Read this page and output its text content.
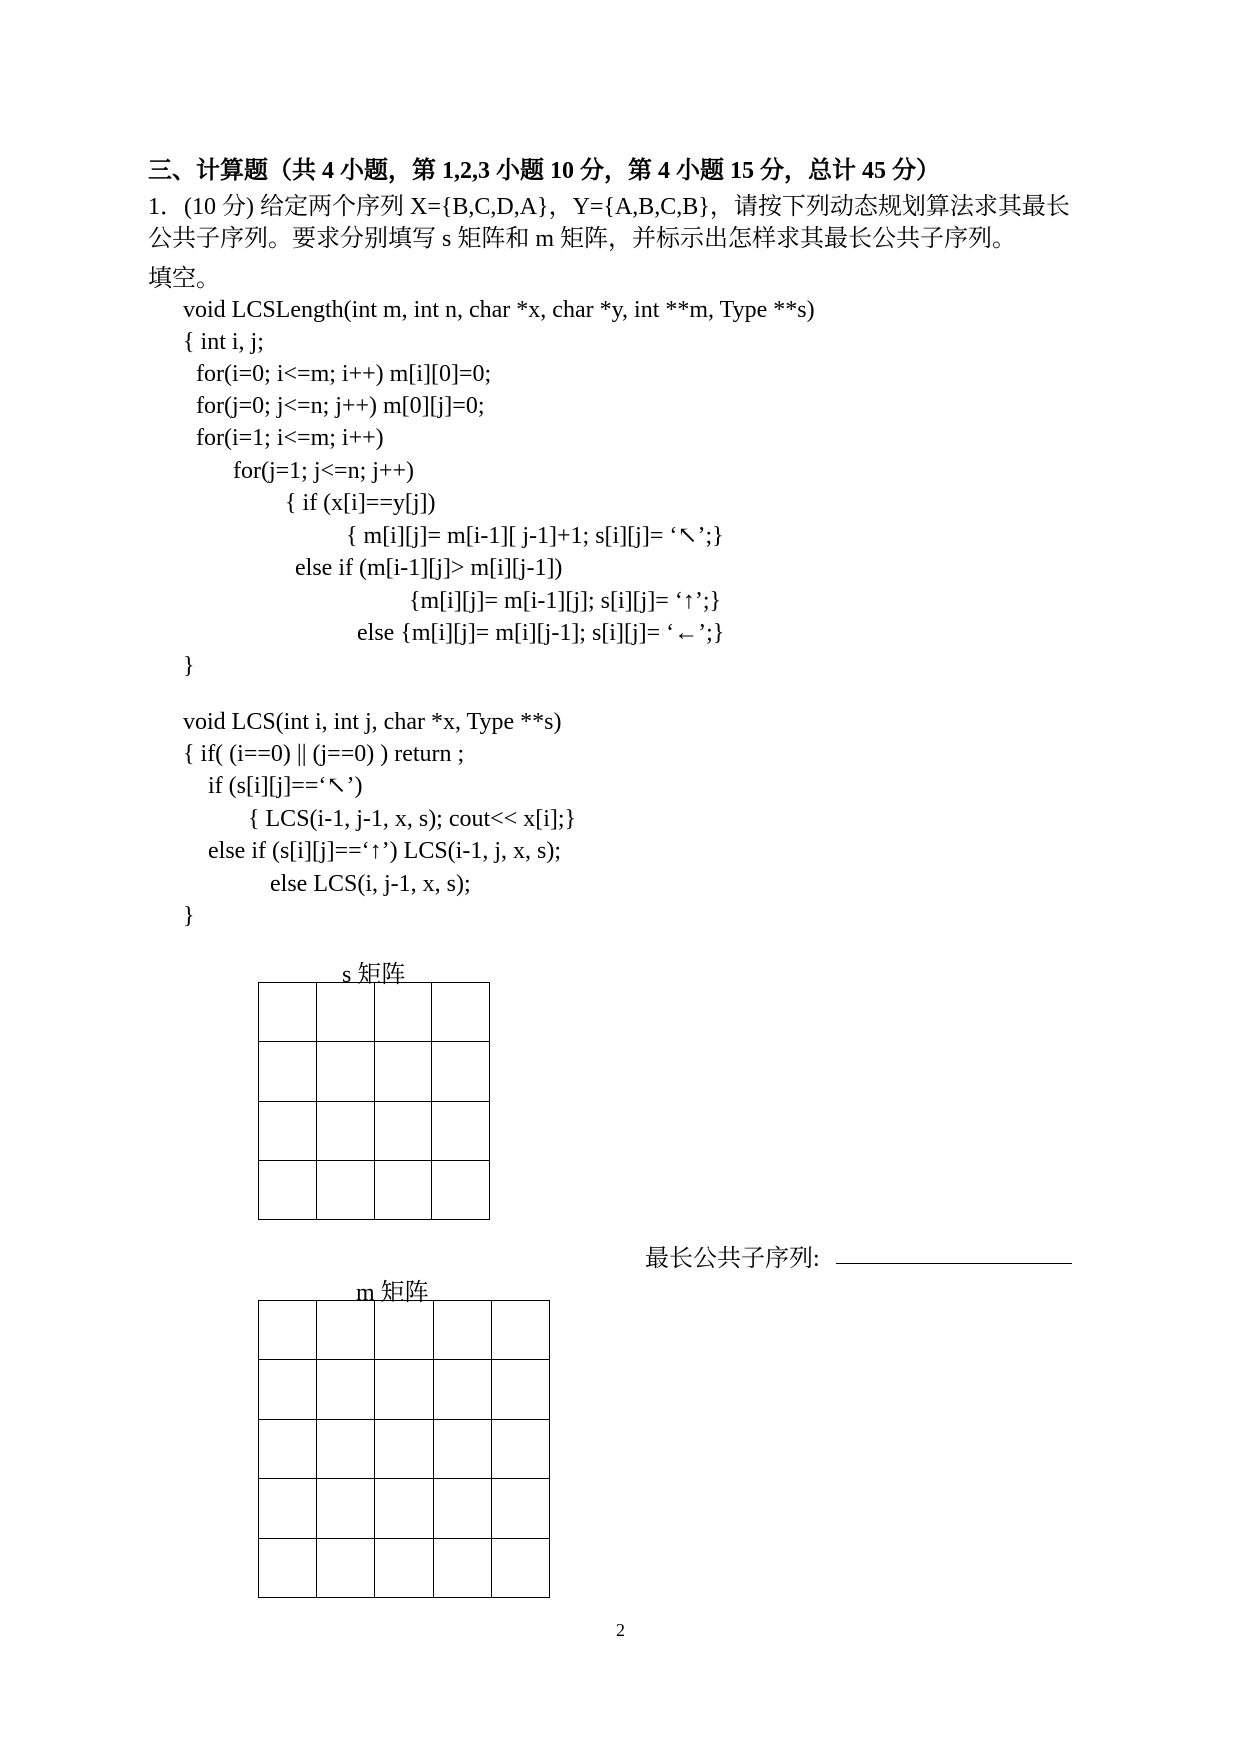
三、计算题（共 4 小题，第 1,2,3 小题 10 分，第 4 小题 15 分，总计 45 分）
1．(10 分) 给定两个序列 X={B,C,D,A}，Y={A,B,C,B}，请按下列动态规划算法求其最长
公共子序列。要求分别填写 s 矩阵和 m 矩阵，并标示出怎样求其最长公共子序列。
填空。
void LCSLength(int m, int n, char *x, char *y, int **m, Type **s)
{ int i, j;
for(i=0; i<=m; i++) m[i][0]=0;
for(j=0; j<=n; j++) m[0][j]=0;
for(i=1; i<=m; i++)
for(j=1; j<=n; j++)
{ if (x[i]==y[j])
{ m[i][j]= m[i-1][ j-1]+1; s[i][j]= ‘↖’;}
else if (m[i-1][j]> m[i][j-1])
{m[i][j]= m[i-1][j]; s[i][j]= ‘↑’;}
else {m[i][j]= m[i][j-1]; s[i][j]= ‘←’;}
}
void LCS(int i, int j, char *x, Type **s)
{ if( (i==0) || (j==0) ) return ;
if (s[i][j]==‘↖’)
{ LCS(i-1, j-1, x, s); cout<< x[i];}
else if (s[i][j]==‘↑’) LCS(i-1, j, x, s);
else LCS(i, j-1, x, s);
}
s 矩阵

最长公共子序列:
m 矩阵

2
